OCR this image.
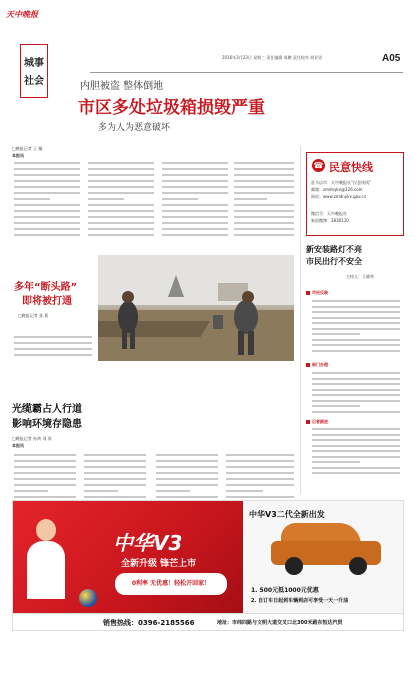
天中晚报
2016年3月23日 星期三 责任编辑 周鹏 责任校对 胡亚男	A05
城事
社会	内胆被盗 整体倒地
市区多处垃圾箱损毁严重
多为人为恶意破坏
□晚报记者 王 楠
本报讯
多年“断头路”
即将被打通
□晚报记者 张 莉
光缆霸占人行道
影响环境存隐患
□晚报记者 孙鸿 刘 涛
本报讯
☎ 民意快线
驻马店市：天中晚报社“民意快线”
邮箱：zmdnykx@126.com
网站：www.zmdnykx.gov.cn
微信号：天中晚报社
新浪微博：2830110
新安装路灯不亮
市民出行不安全
主持人：王晓华
市民反映
部门办理
记者跟进
中华V3
全新升级 锋芒上市
0利率 无优惠！轻松开回家！
中华V3二代全新出发
1. 500元抵1000元优惠
2. 自订车日起到车辆到店可享受一天一升油
销售热线：0396-2185566	地址：市纬四路与文明大道交叉口北300米路东恒达汽贸
